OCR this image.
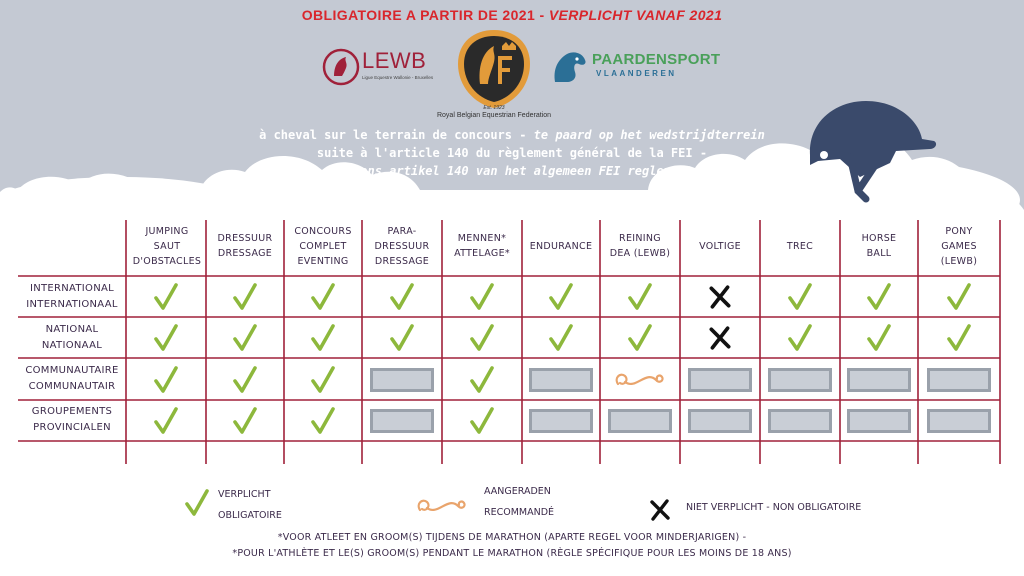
OBLIGATOIRE A PARTIR DE 2021 - VERPLICHT VANAF 2021
LEWB
Ligue Equestre Wallonie - Bruxelles
Est. 1923
Royal Belgian Equestrian Federation
PAARDENSPORT
VLAANDEREN
à cheval sur le terrain de concours - te paard op het wedstrijdterrein
suite à l'article 140 du règlement général de la FEI -
volgens artikel 140 van het algemeen FEI reglement
JUMPING
SAUT
D'OBSTACLES
DRESSUUR
DRESSAGE
CONCOURS
COMPLET
EVENTING
PARA-
DRESSUUR
DRESSAGE
MENNEN*
ATTELAGE*
ENDURANCE
REINING
DEA (LEWB)
VOLTIGE	TREC
HORSE
BALL
PONY
GAMES
(LEWB)
INTERNATIONAL
INTERNATIONAAL
NATIONAL
NATIONAAL
COMMUNAUTAIRE
COMMUNAUTAIR
GROUPEMENTS
PROVINCIALEN
VERPLICHT
OBLIGATOIRE
AANGERADEN
RECOMMANDÉ	NIET VERPLICHT - NON OBLIGATOIRE
*VOOR ATLEET EN GROOM(S) TIJDENS DE MARATHON (APARTE REGEL VOOR MINDERJARIGEN) -
*POUR L'ATHLÈTE ET LE(S) GROOM(S) PENDANT LE MARATHON (RÈGLE SPÉCIFIQUE POUR LES MOINS DE 18 ANS)
